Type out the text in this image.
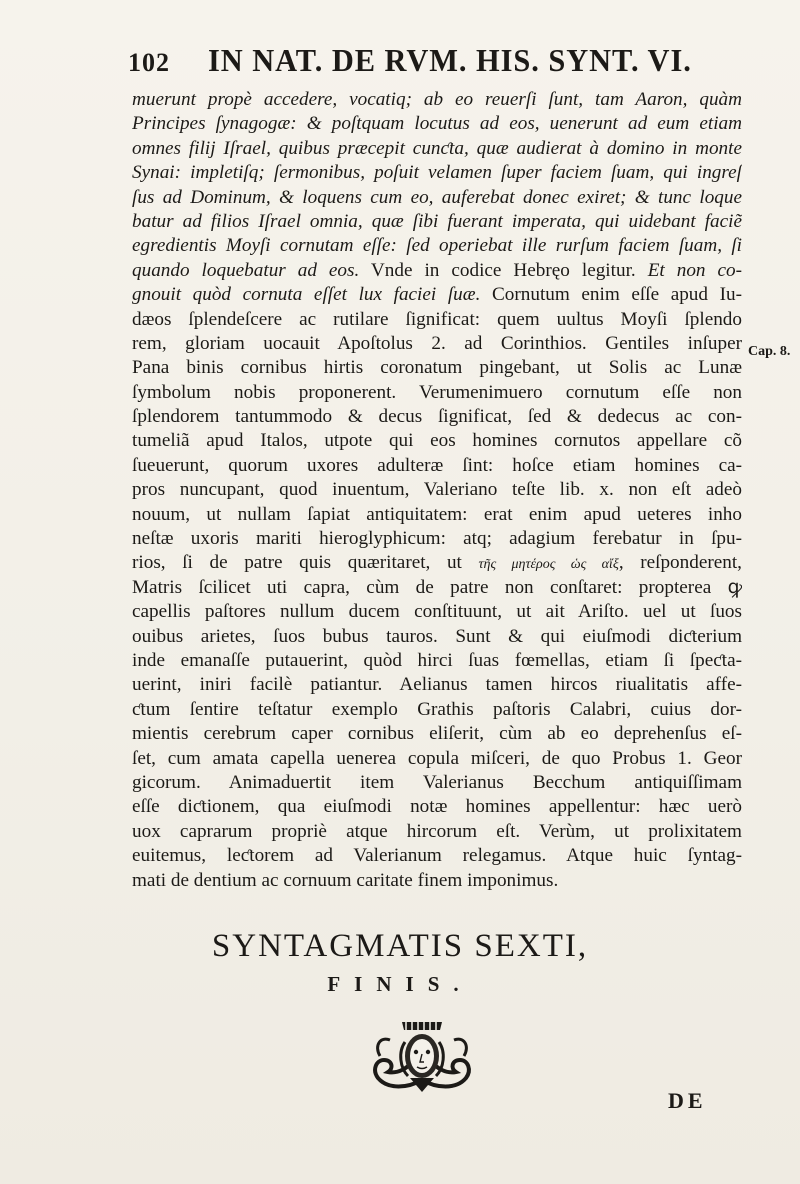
102 IN NAT. DE RVM. HIS. SYNT. VI.
muerunt propè accedere, vocatiq; ab eo reuerſi ſunt, tam Aaron, quàm
Principes ſynagogæ: & poſtquam locutus ad eos, uenerunt ad eum etiam
omnes filij Iſrael, quibus præcepit cunƈta, quæ audierat à domino in monte
Synai: impletiſq; ſermonibus, poſuit velamen ſuper faciem ſuam, qui ingreſ
ſus ad Dominum, & loquens cum eo, auferebat donec exiret; & tunc loque
batur ad filios Iſrael omnia, quæ ſibi fuerant imperata, qui uidebant faciẽ
egredientis Moyſi cornutam eſſe: ſed operiebat ille rurſum faciem ſuam, ſi
quando loquebatur ad eos. Vnde in codice Hebręo legitur. Et non co-
gnouit quòd cornuta eſſet lux faciei ſuæ. Cornutum enim eſſe apud Iu-
dæos ſplendeſcere ac rutilare ſignificat: quem uultus Moyſi ſplendo
rem, gloriam uocauit Apoſtolus 2. ad Corinthios. Gentiles inſuper
Pana binis cornibus hirtis coronatum pingebant, ut Solis ac Lunæ
ſymbolum nobis proponerent. Verumenimuero cornutum eſſe non
ſplendorem tantummodo & decus ſignificat, ſed & dedecus ac con-
tumeliã apud Italos, utpote qui eos homines cornutos appellare cõ
ſueuerunt, quorum uxores adulteræ ſint: hoſce etiam homines ca-
pros nuncupant, quod inuentum, Valeriano teſte lib. x. non eſt adeò
nouum, ut nullam ſapiat antiquitatem: erat enim apud ueteres inho
neſtæ uxoris mariti hieroglyphicum: atq; adagium ferebatur in ſpu-
rios, ſi de patre quis quæritaret, ut τῆς μητέρος ὡς αἴξ, reſponderent,
Matris ſcilicet uti capra, cùm de patre non conſtaret: propterea ꝙ
capellis paſtores nullum ducem conſtituunt, ut ait Ariſto. uel ut ſuos
ouibus arietes, ſuos bubus tauros. Sunt & qui eiuſmodi diƈterium
inde emanaſſe putauerint, quòd hirci ſuas fœmellas, etiam ſi ſpeƈta-
uerint, iniri facilè patiantur. Aelianus tamen hircos riualitatis affe-
ƈtum ſentire teſtatur exemplo Grathis paſtoris Calabri, cuius dor-
mientis cerebrum caper cornibus eliſerit, cùm ab eo deprehenſus eſ-
ſet, cum amata capella uenerea copula miſceri, de quo Probus 1. Geor
gicorum. Animaduertit item Valerianus Becchum antiquiſſimam
eſſe diƈtionem, qua eiuſmodi notæ homines appellentur: hæc uerò
uox caprarum propriè atque hircorum eſt. Verùm, ut prolixitatem
euitemus, leƈtorem ad Valerianum relegamus. Atque huic ſyntag-
mati de dentium ac cornuum caritate finem imponimus.
Cap. 8.
SYNTAGMATIS SEXTI,
FINIS.
DE
